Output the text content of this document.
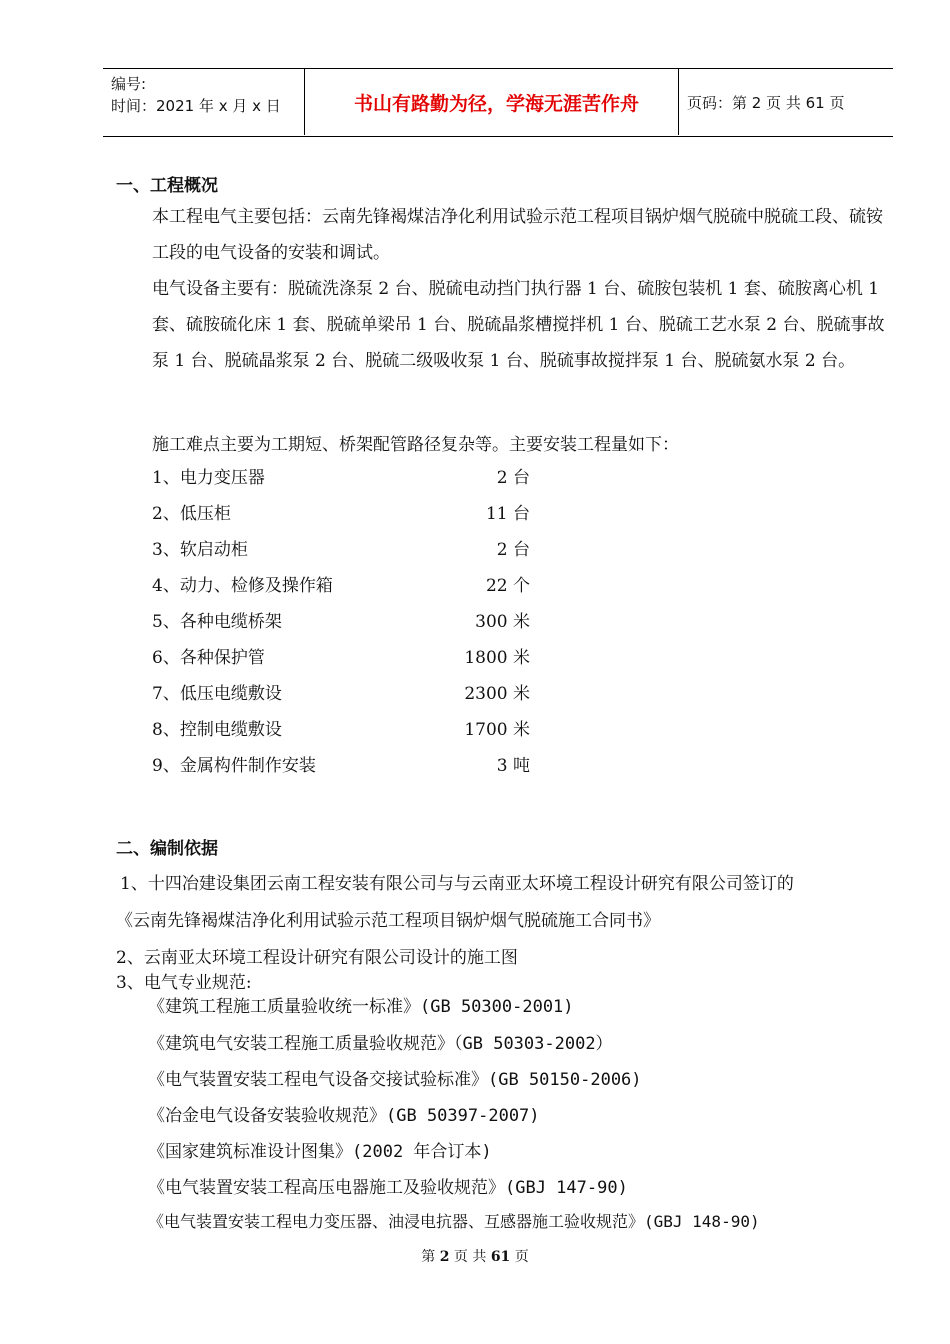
编号:
时间：2021 年 x 月 x 日	书山有路勤为径，学海无涯苦作舟	页码：第 2 页 共 61 页
一、工程概况
本工程电气主要包括：云南先锋褐煤洁净化利用试验示范工程项目锅炉烟气脱硫中脱硫工段、硫铵工段的电气设备的安装和调试。
电气设备主要有：脱硫洗涤泵 2 台、脱硫电动挡门执行器 1 台、硫胺包装机 1 套、硫胺离心机 1 套、硫胺硫化床 1 套、脱硫单梁吊 1 台、脱硫晶浆槽搅拌机 1 台、脱硫工艺水泵 2 台、脱硫事故泵 1 台、脱硫晶浆泵 2 台、脱硫二级吸收泵 1 台、脱硫事故搅拌泵 1 台、脱硫氨水泵 2 台。
施工难点主要为工期短、桥架配管路径复杂等。主要安装工程量如下：
1、电力变压器	2 台
2、低压柜	11 台
3、软启动柜	2 台
4、动力、检修及操作箱	22 个
5、各种电缆桥架	300 米
6、各种保护管	1800 米
7、低压电缆敷设	2300 米
8、控制电缆敷设	1700 米
9、金属构件制作安装	3 吨
二、编制依据
1、十四冶建设集团云南工程安装有限公司与与云南亚太环境工程设计研究有限公司签订的
《云南先锋褐煤洁净化利用试验示范工程项目锅炉烟气脱硫施工合同书》
2、云南亚太环境工程设计研究有限公司设计的施工图
3、电气专业规范:
《建筑工程施工质量验收统一标准》(GB 50300-2001)
《建筑电气安装工程施工质量验收规范》（GB 50303-2002）
《电气装置安装工程电气设备交接试验标准》(GB 50150-2006)
《冶金电气设备安装验收规范》(GB 50397-2007)
《国家建筑标准设计图集》(2002 年合订本)
《电气装置安装工程高压电器施工及验收规范》(GBJ 147-90)
《电气装置安装工程电力变压器、油浸电抗器、互感器施工验收规范》(GBJ 148-90)
第 2 页 共 61 页
